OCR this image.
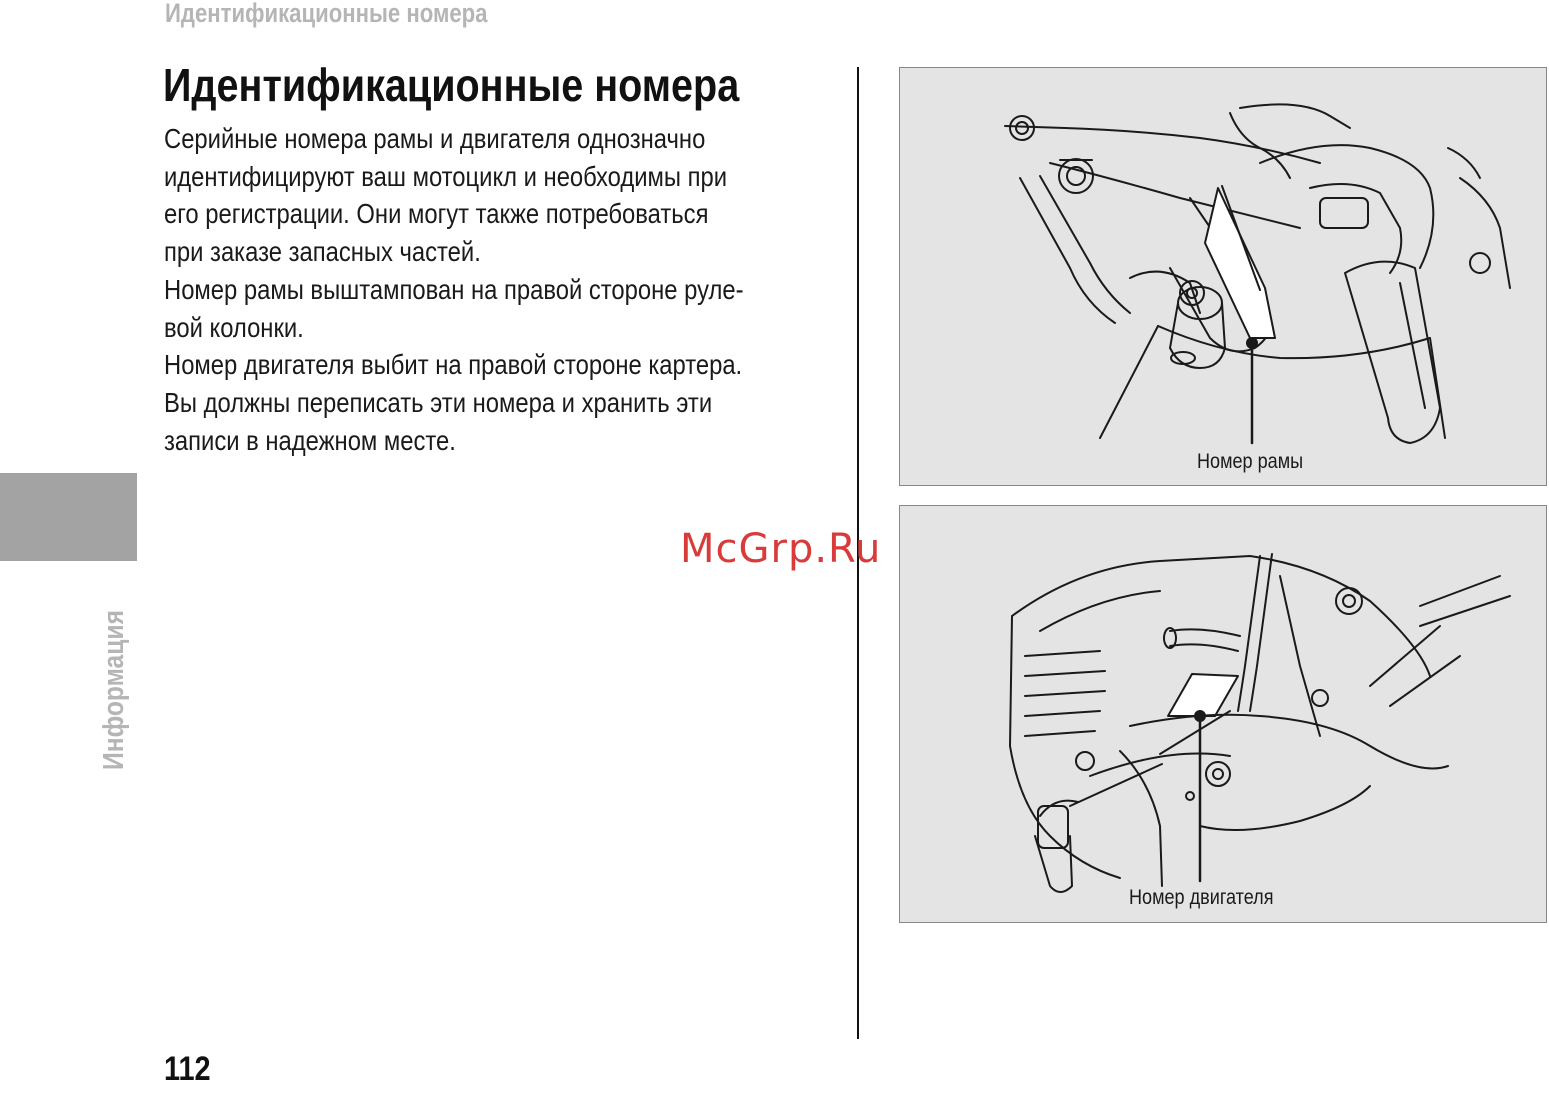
Идентификационные номера
Информация
Идентификационные номера

Серийные номера рамы и двигателя однозначно

идентифицируют ваш мотоцикл и необходимы при

его регистрации. Они могут также потребоваться

при заказе запасных частей.

Номер рамы выштампован на правой стороне руле-

вой колонки.

Номер двигателя выбит на правой стороне картера.

Вы должны переписать эти номера и хранить эти

записи в надежном месте.

Номер рамы
Номер двигателя
McGrp.Ru
112
